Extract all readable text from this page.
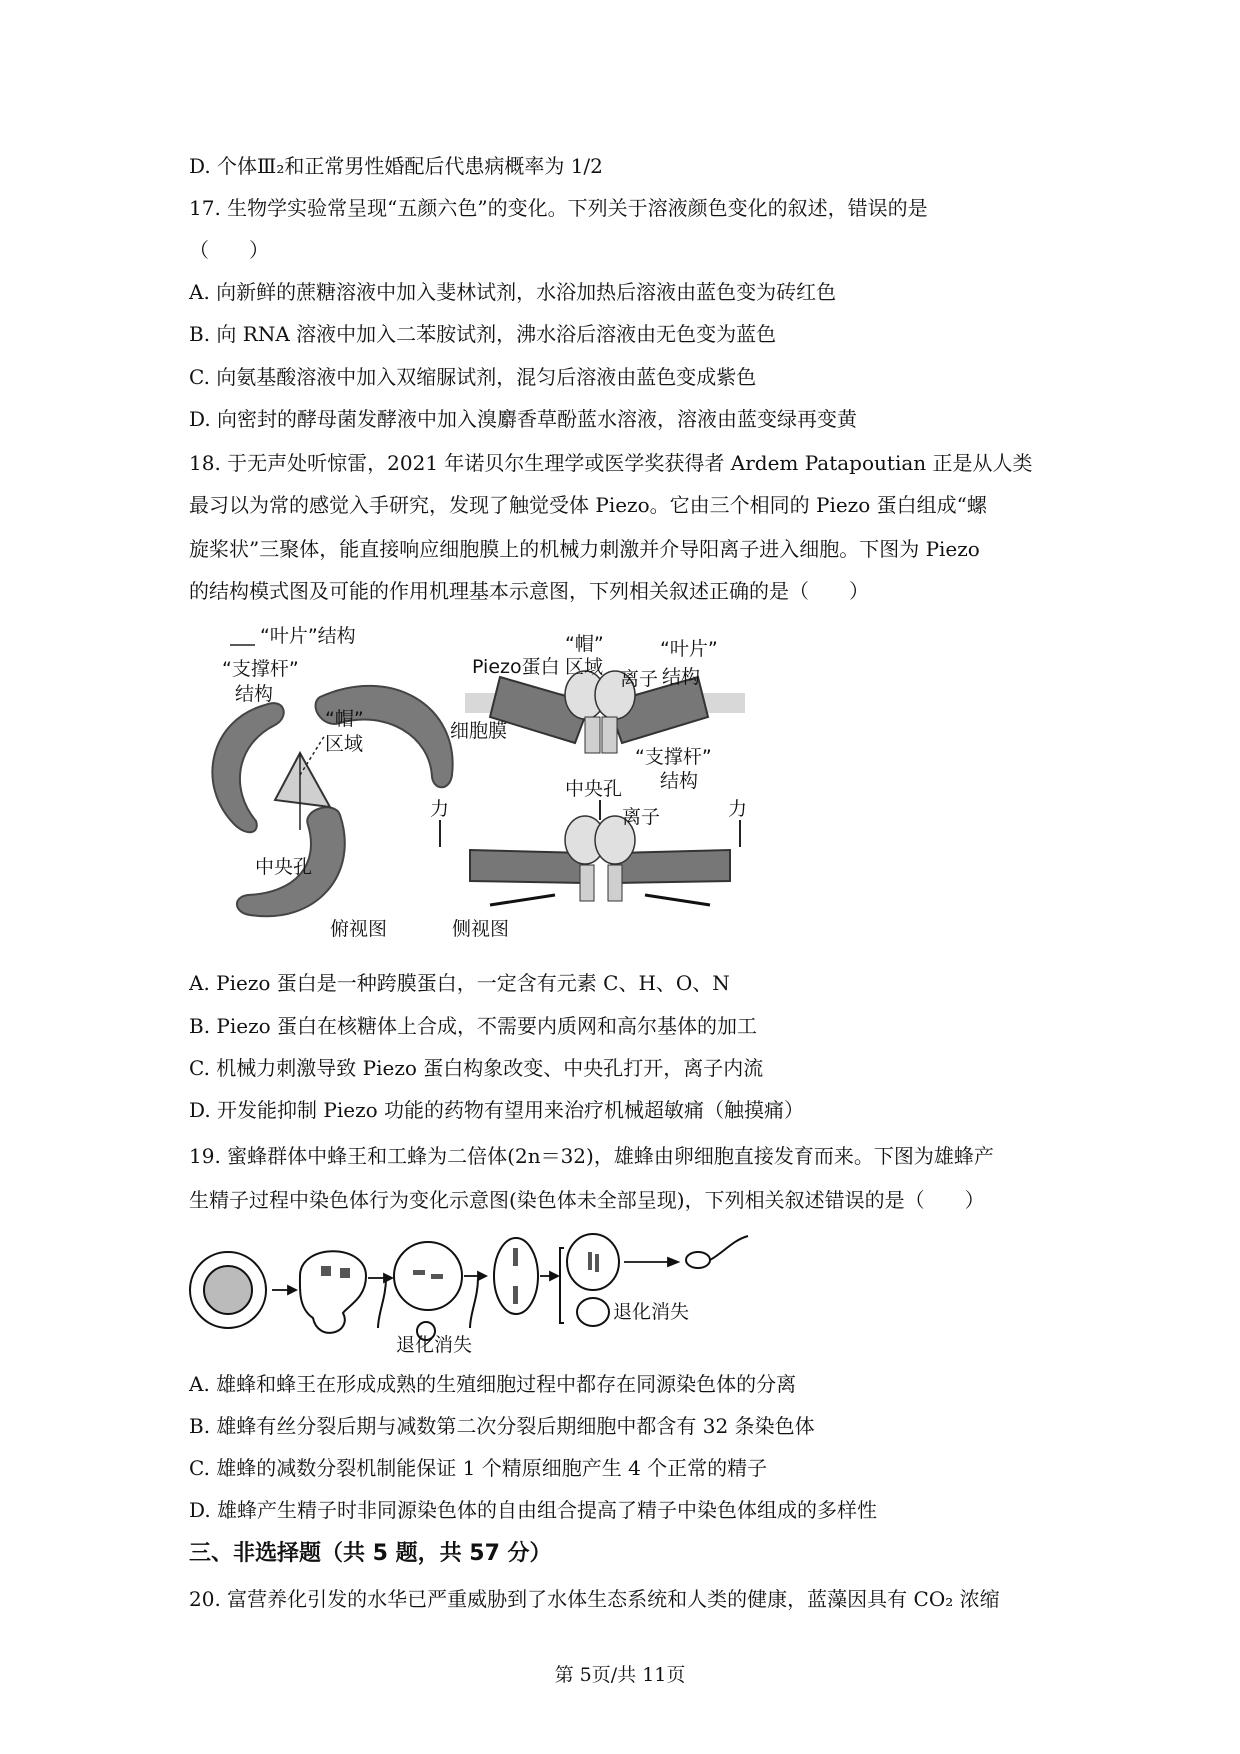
D. 个体Ⅲ₂和正常男性婚配后代患病概率为 1/2
17. 生物学实验常呈现“五颜六色”的变化。下列关于溶液颜色变化的叙述，错误的是
（　　）
A. 向新鲜的蔗糖溶液中加入斐林试剂，水浴加热后溶液由蓝色变为砖红色
B. 向 RNA 溶液中加入二苯胺试剂，沸水浴后溶液由无色变为蓝色
C. 向氨基酸溶液中加入双缩脲试剂，混匀后溶液由蓝色变成紫色
D. 向密封的酵母菌发酵液中加入溴麝香草酚蓝水溶液，溶液由蓝变绿再变黄
18. 于无声处听惊雷，2021 年诺贝尔生理学或医学奖获得者 Ardem Patapoutian 正是从人类
最习以为常的感觉入手研究，发现了触觉受体 Piezo。它由三个相同的 Piezo 蛋白组成“螺
旋桨状”三聚体，能直接响应细胞膜上的机械力刺激并介导阳离子进入细胞。下图为 Piezo
的结构模式图及可能的作用机理基本示意图，下列相关叙述正确的是（　　）
“叶片”结构
“支撑杆”
结构
“帽”
区域
中央孔
俯视图
Piezo蛋白
“帽”
区域
“叶片”
离子 结构
细胞膜
“支撑杆”
结构
中央孔
力	力
离子
侧视图
A. Piezo 蛋白是一种跨膜蛋白，一定含有元素 C、H、O、N
B. Piezo 蛋白在核糖体上合成，不需要内质网和高尔基体的加工
C. 机械力刺激导致 Piezo 蛋白构象改变、中央孔打开，离子内流
D. 开发能抑制 Piezo 功能的药物有望用来治疗机械超敏痛（触摸痛）
19. 蜜蜂群体中蜂王和工蜂为二倍体(2n＝32)，雄蜂由卵细胞直接发育而来。下图为雄蜂产
生精子过程中染色体行为变化示意图(染色体未全部呈现)，下列相关叙述错误的是（　　）
退化消失
退化消失
A. 雄蜂和蜂王在形成成熟的生殖细胞过程中都存在同源染色体的分离
B. 雄蜂有丝分裂后期与减数第二次分裂后期细胞中都含有 32 条染色体
C. 雄蜂的减数分裂机制能保证 1 个精原细胞产生 4 个正常的精子
D. 雄蜂产生精子时非同源染色体的自由组合提高了精子中染色体组成的多样性
三、非选择题（共 5 题，共 57 分）
20. 富营养化引发的水华已严重威胁到了水体生态系统和人类的健康，蓝藻因具有 CO₂ 浓缩
第 5页/共 11页
